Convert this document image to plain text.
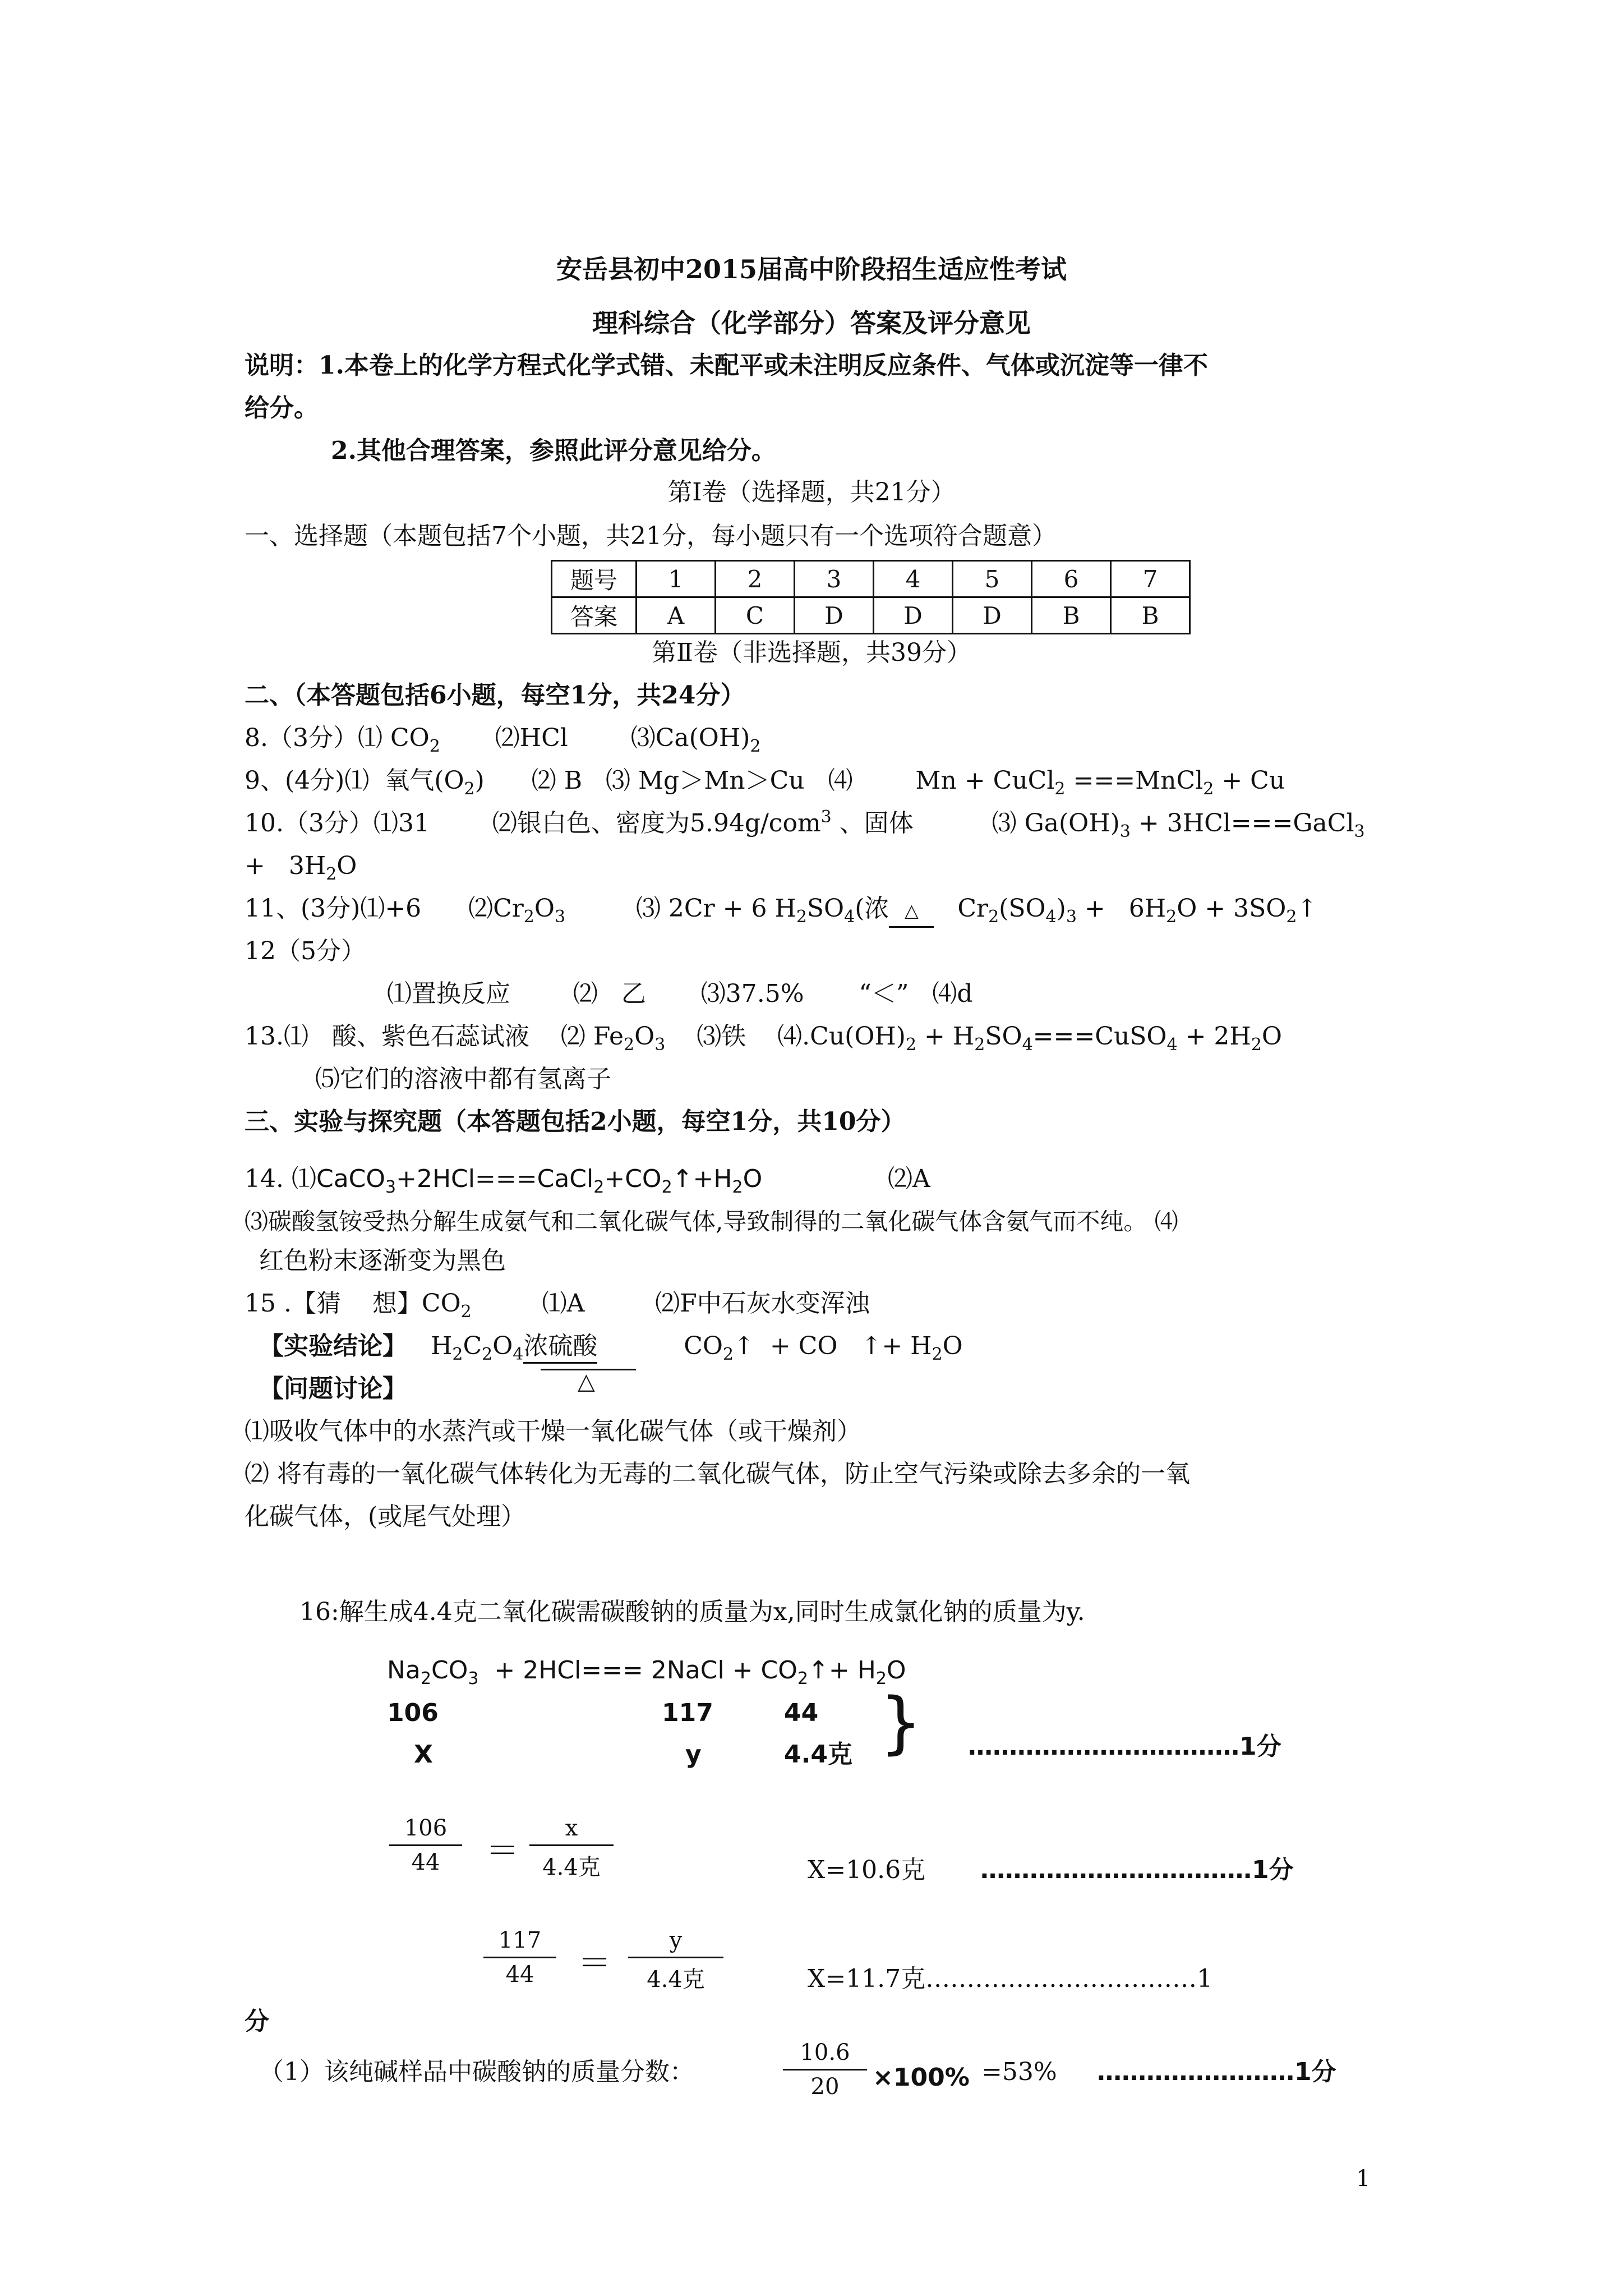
安岳县初中2015届高中阶段招生适应性考试
理科综合（化学部分）答案及评分意见
说明：1.本卷上的化学方程式化学式错、未配平或未注明反应条件、气体或沉淀等一律不
给分。
2.其他合理答案，参照此评分意见给分。
第Ⅰ卷（选择题，共21分）
一、选择题（本题包括7个小题，共21分，每小题只有一个选项符合题意）
题号	1	2	3	4	5	6	7
答案	A	C	D	D	D	B	B
第Ⅱ卷（非选择题，共39分）
二、（本答题包括6小题，每空1分，共24分）
8.（3分）⑴ $CO_2$       ⑵HCl        $⑶Ca(OH)_2$
9、(4分)⑴  氧气$(O_2)$      ⑵ B   ⑶ Mg＞Mn＞Cu   ⑷        Mn + CuCl$_2$ ===MnCl$_2$ + Cu
10.（3分）⑴31        ⑵银白色、密度为5.94g/com$^3$ 、固体          ⑶ $Ga(OH)_3$ + 3HCl===GaCl$_3$
+   $3H_2O$
11、(3分)⑴+6      $⑵Cr_2O_3$         ⑶ 2Cr + 6 $H_2SO_4$(浓 △   $Cr_2(SO_4)_3 + 6H_2O$ + $3SO_2↑$
12（5分）
⑴置换反应        ⑵   乙       ⑶37.5%       “＜”   ⑷d
13.⑴   酸、紫色石蕊试液    ⑵ $Fe_2O_3$    ⑶铁    $⑷.Cu(OH)_2$ + $H_2SO_4===CuSO_4 + 2H_2O$
⑸它们的溶液中都有氢离子
三、实验与探究题（本答题包括2小题，每空1分，共10分）
14. $⑴CaCO_3+2HCl===CaCl_2+CO_2↑+H_2O$                ⑵A
⑶碳酸氢铵受热分解生成氨气和二氧化碳气体,导致制得的二氧化碳气体含氨气而不纯。 ⑷
红色粉末逐渐变为黑色
15 .【猜    想】$CO_2$         ⑴A         ⑵F中石灰水变浑浊
【实验结论】   $H_2C_2O_4$浓硫酸           $CO_2↑$  + CO   ↑+ $H_2O$
△
【问题讨论】
⑴吸收气体中的水蒸汽或干燥一氧化碳气体（或干燥剂）
⑵ 将有毒的一氧化碳气体转化为无毒的二氧化碳气体，防止空气污染或除去多余的一氧
化碳气体，(或尾气处理）
16:解生成4.4克二氧化碳需碳酸钠的质量为x,同时生成氯化钠的质量为y.
$Na_2CO_3 + 2HCl===$ 2NaCl + $CO_2↑+ H_2O$
106	117	44
X	y	4.4克 } ……………………………1分
106
44 ＝
x
4.4克	X=10.6克 ……………………………1分
117
44 ＝
y
4.4克	X=11.7克……………………………1
分
（1）该纯碱样品中碳酸钠的质量分数：
10.6
20 ×100% =53% ……………………1分
1
